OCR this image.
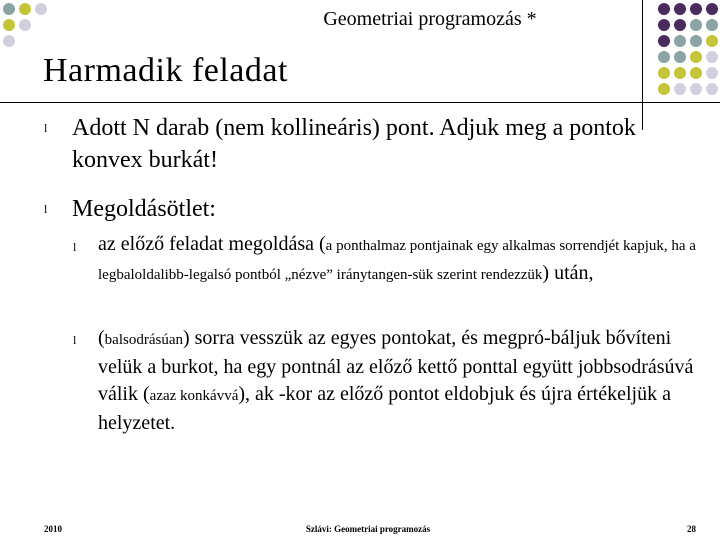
Geometriai programozás *
Harmadik feladat
l Adott N darab (nem kollineáris) pont. Adjuk meg a pontok konvex burkát!
l Megoldásötlet:
l az előző feladat megoldása (a ponthalmaz pontjainak egy alkalmas sorrendjét kapjuk, ha a legbaloldalibb-legalsó pontból „nézve” iránytangen-sük szerint rendezzük) után,
l (balsodrásúan) sorra vesszük az egyes pontokat, és megpró-báljuk bővíteni velük a burkot, ha egy pontnál az előző kettő ponttal együtt jobbsodrásúvá válik (azaz konkávvá), ak -kor az előző pontot eldobjuk és újra értékeljük a helyzetet.
2010	Szlávi: Geometriai programozás	28
